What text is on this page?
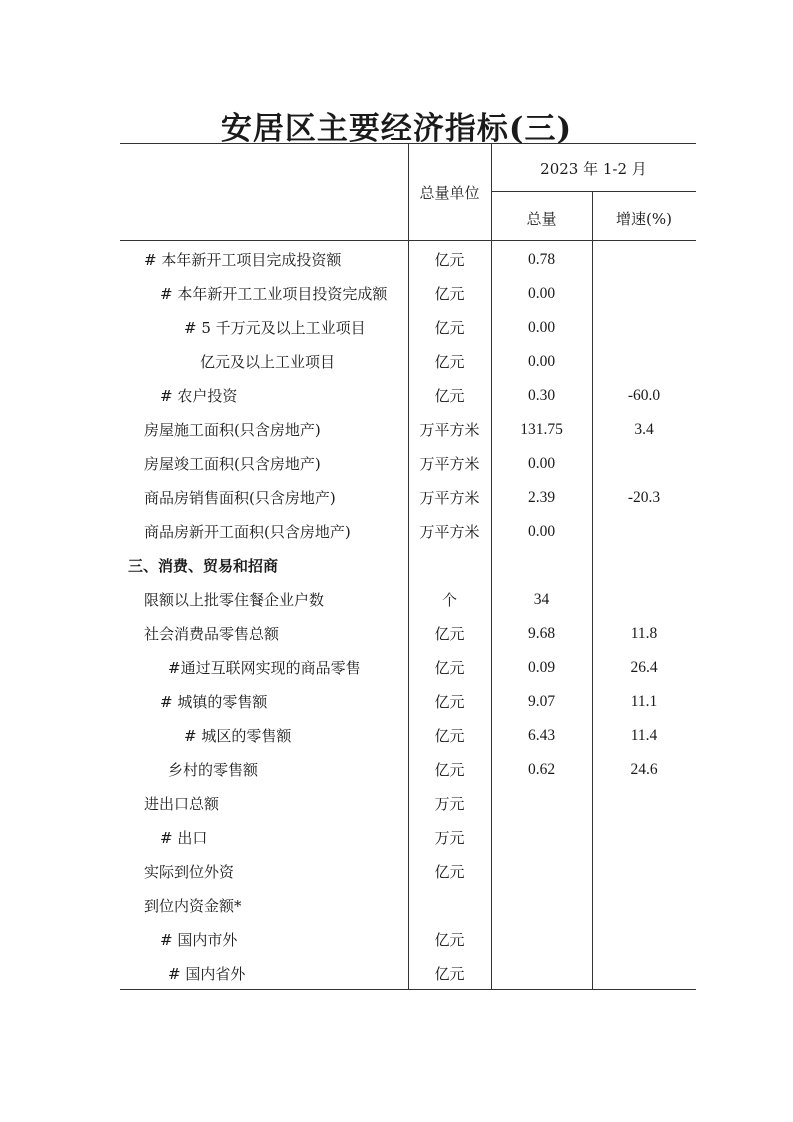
安居区主要经济指标(三)
总量单位
2023 年 1-2 月
总量	增速(%)
# 本年新开工项目完成投资额	亿元	0.78
# 本年新开工工业项目投资完成额	亿元	0.00
# 5 千万元及以上工业项目	亿元	0.00
亿元及以上工业项目	亿元	0.00
# 农户投资	亿元	0.30	-60.0
房屋施工面积(只含房地产)	万平方米	131.75	3.4
房屋竣工面积(只含房地产)	万平方米	0.00
商品房销售面积(只含房地产)	万平方米	2.39	-20.3
商品房新开工面积(只含房地产)	万平方米	0.00
三、消费、贸易和招商
限额以上批零住餐企业户数	个	34
社会消费品零售总额	亿元	9.68	11.8
#通过互联网实现的商品零售	亿元	0.09	26.4
# 城镇的零售额	亿元	9.07	11.1
# 城区的零售额	亿元	6.43	11.4
乡村的零售额	亿元	0.62	24.6
进出口总额	万元
# 出口	万元
实际到位外资	亿元
到位内资金额*
# 国内市外	亿元
# 国内省外	亿元
